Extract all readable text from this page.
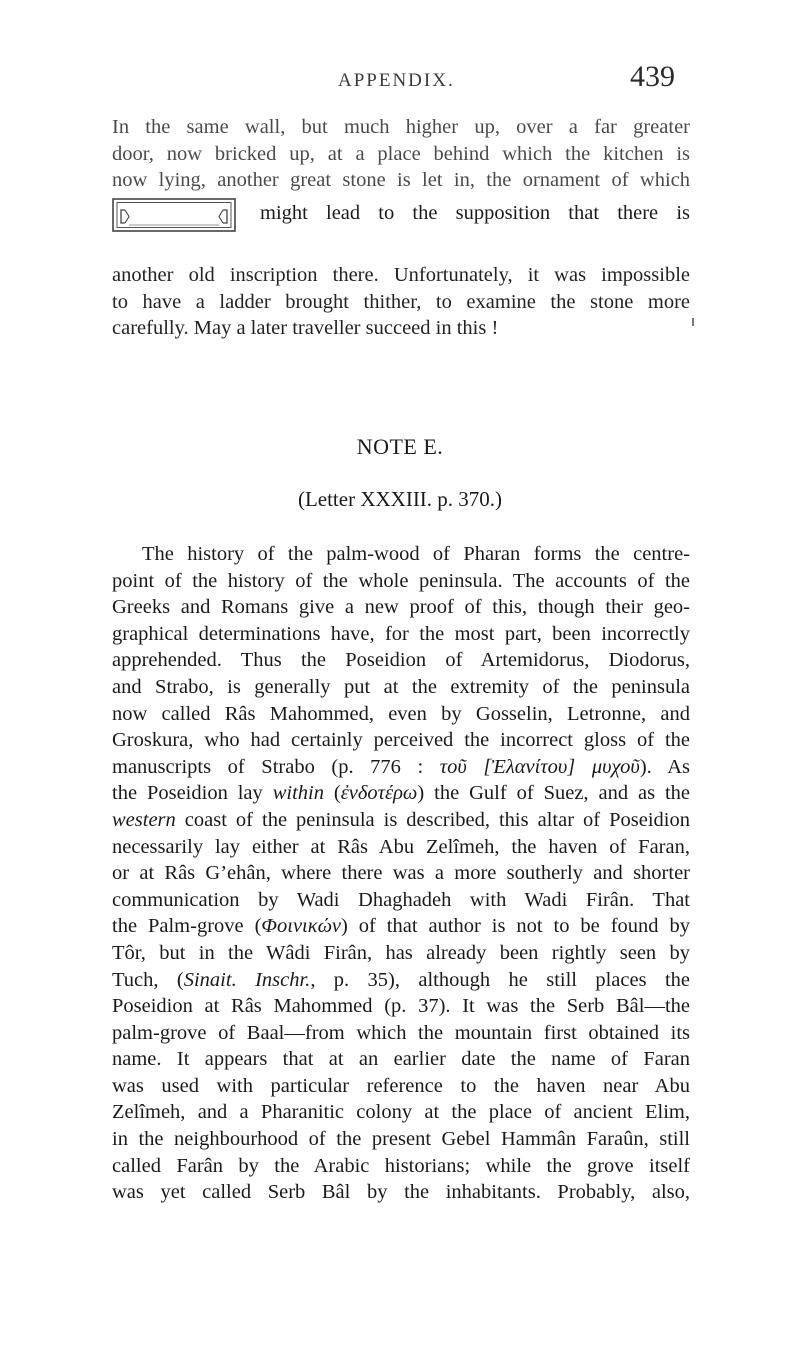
APPENDIX.	439
In the same wall, but much higher up, over a far greater
door, now bricked up, at a place behind which the kitchen is
now lying, another great stone is let in, the ornament of which
might lead to the supposition that there is
another old inscription there. Unfortunately, it was impossible
to have a ladder brought thither, to examine the stone more
carefully. May a later traveller succeed in this !
NOTE E.
(Letter XXXIII. p. 370.)
The history of the palm-wood of Pharan forms the centre-
point of the history of the whole peninsula. The accounts of the
Greeks and Romans give a new proof of this, though their geo-
graphical determinations have, for the most part, been incorrectly
apprehended. Thus the Poseidion of Artemidorus, Diodorus,
and Strabo, is generally put at the extremity of the peninsula
now called Râs Mahommed, even by Gosselin, Letronne, and
Groskura, who had certainly perceived the incorrect gloss of the
manuscripts of Strabo (p. 776 : τοῦ [Ἐλανίτου] μυχοῦ). As
the Poseidion lay within (ἐνδοτέρω) the Gulf of Suez, and as the
western coast of the peninsula is described, this altar of Poseidion
necessarily lay either at Râs Abu Zelîmeh, the haven of Faran,
or at Râs G’ehân, where there was a more southerly and shorter
communication by Wadi Dhaghadeh with Wadi Firân. That
the Palm-grove (Φοινικών) of that author is not to be found by
Tôr, but in the Wâdi Firân, has already been rightly seen by
Tuch, (Sinait. Inschr., p. 35), although he still places the
Poseidion at Râs Mahommed (p. 37). It was the Serb Bâl—the
palm-grove of Baal—from which the mountain first obtained its
name. It appears that at an earlier date the name of Faran
was used with particular reference to the haven near Abu
Zelîmeh, and a Pharanitic colony at the place of ancient Elim,
in the neighbourhood of the present Gebel Hammân Faraûn, still
called Farân by the Arabic historians; while the grove itself
was yet called Serb Bâl by the inhabitants. Probably, also,
